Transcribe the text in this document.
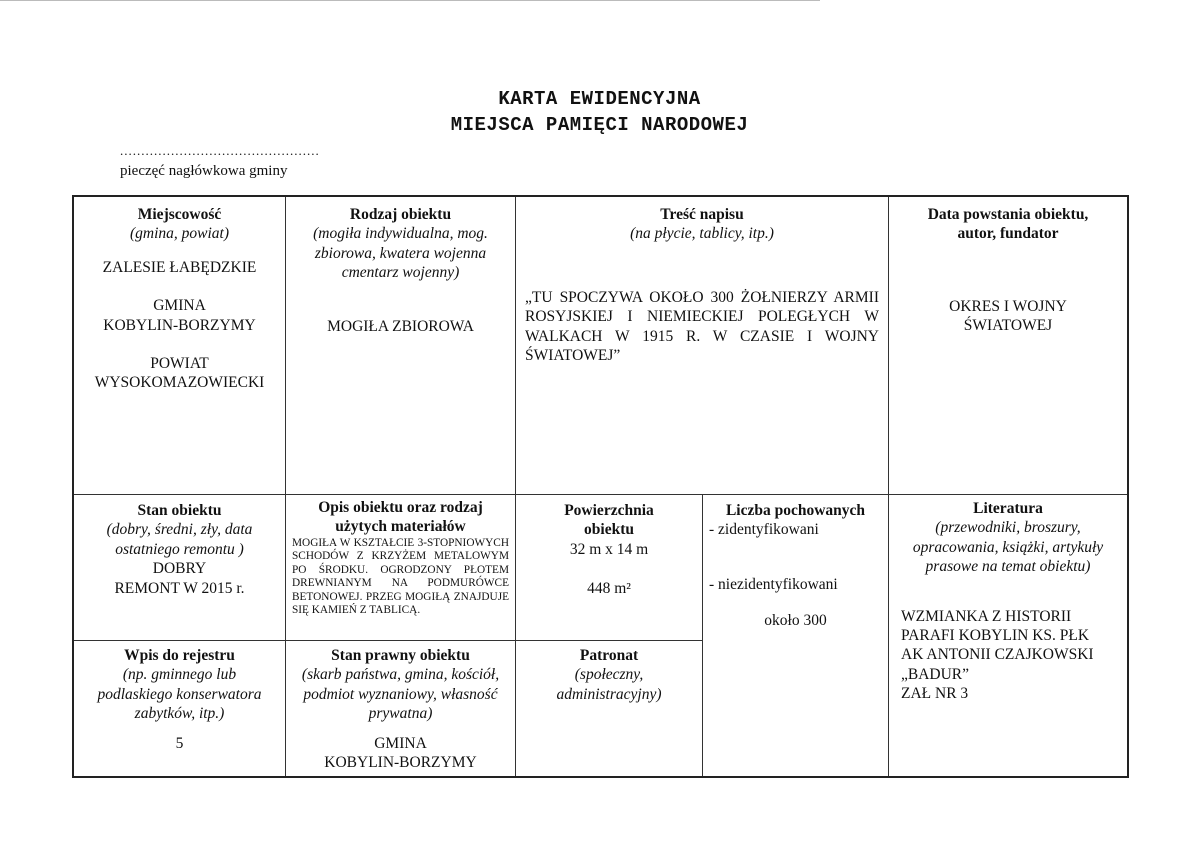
KARTA EWIDENCYJNA
MIEJSCA PAMIĘCI NARODOWEJ
...............................................
pieczęć nagłówkowa gminy
Miejscowość
(gmina, powiat)
ZALESIE ŁABĘDZKIE
GMINA
KOBYLIN-BORZYMY
POWIAT
WYSOKOMAZOWIECKI
Rodzaj obiektu
(mogiła indywidualna, mog. zbiorowa, kwatera wojenna cmentarz wojenny)
MOGIŁA ZBIOROWA
Treść napisu
(na płycie, tablicy, itp.)
„TU SPOCZYWA OKOŁO 300 ŻOŁNIERZY ARMII ROSYJSKIEJ I NIEMIECKIEJ POLEGŁYCH W WALKACH W 1915 R. W CZASIE I WOJNY ŚWIATOWEJ”
Data powstania obiektu,
autor, fundator
OKRES I WOJNY
ŚWIATOWEJ
Stan obiektu
(dobry, średni, zły, data ostatniego remontu )
DOBRY
REMONT W 2015 r.
Opis obiektu oraz rodzaj użytych materiałów
MOGIŁA W KSZTAŁCIE 3-STOPNIOWYCH SCHODÓW Z KRZYŻEM METALOWYM PO ŚRODKU. OGRODZONY PŁOTEM DREWNIANYM NA PODMURÓWCE BETONOWEJ. PRZEG MOGIŁĄ ZNAJDUJE SIĘ KAMIEŃ Z TABLICĄ.
Powierzchnia
obiektu
32 m x 14 m
448 m²
Liczba pochowanych
- zidentyfikowani
- niezidentyfikowani
około 300
Literatura
(przewodniki, broszury, opracowania, książki, artykuły prasowe na temat obiektu)
WZMIANKA Z HISTORII
PARAFI KOBYLIN KS. PŁK
AK ANTONII CZAJKOWSKI
„BADUR”
ZAŁ NR 3
Wpis do rejestru
(np. gminnego lub podlaskiego konserwatora zabytków, itp.)
5
Stan prawny obiektu
(skarb państwa, gmina, kościół, podmiot wyznaniowy, własność prywatna)
GMINA
KOBYLIN-BORZYMY
Patronat
(społeczny, administracyjny)
